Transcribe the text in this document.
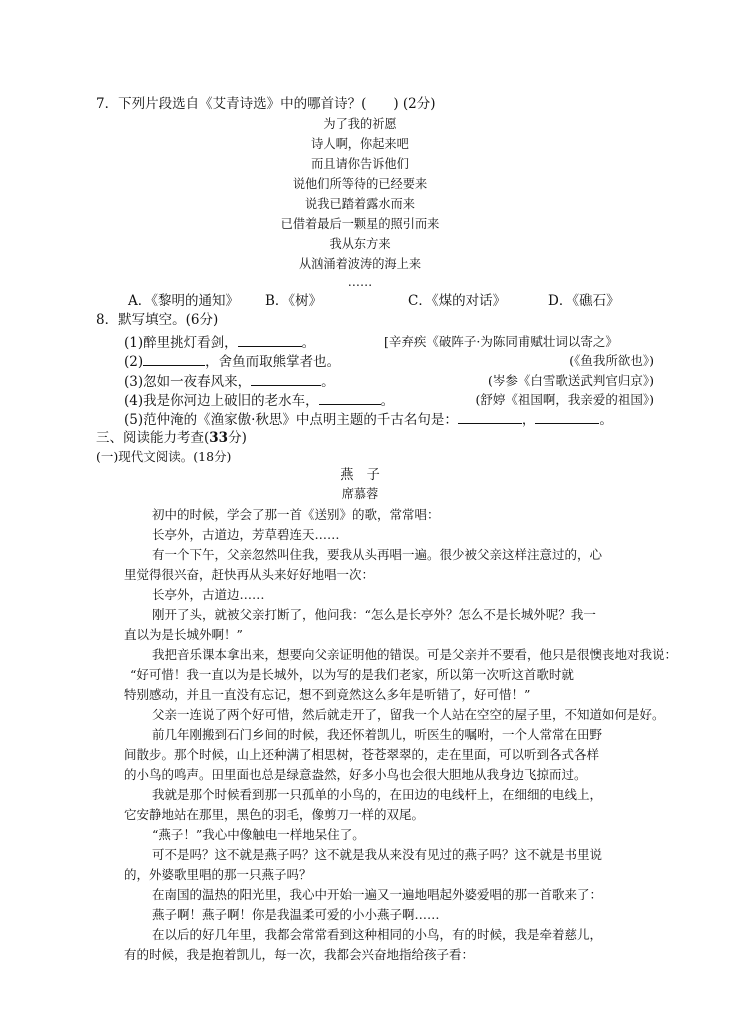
7．下列片段选自《艾青诗选》中的哪首诗？(　　) (2分)
为了我的祈愿
诗人啊，你起来吧
而且请你告诉他们
说他们所等待的已经要来
说我已踏着露水而来
已借着最后一颗星的照引而来
我从东方来
从汹涌着波涛的海上来
……
A．《黎明的通知》 B．《树》	C．《煤的对话》	D．《礁石》
8．默写填空。(6分)
(1)醉里挑灯看剑，	。	[辛弃疾《破阵子·为陈同甫赋壮词以寄之》
(2)	，舍鱼而取熊掌者也。	(《鱼我所欲也》)
(3)忽如一夜春风来，	。	(岑参《白雪歌送武判官归京》)
(4)我是你河边上破旧的老水车，	。	(舒婷《祖国啊，我亲爱的祖国》)
(5)范仲淹的《渔家傲·秋思》中点明主题的千古名句是：	，	。
三、阅读能力考查(33分)
(一)现代文阅读。(18分)
燕　子
席慕蓉
初中的时候，学会了那一首《送别》的歌，常常唱：
长亭外，古道边，芳草碧连天……
有一个下午，父亲忽然叫住我，要我从头再唱一遍。很少被父亲这样注意过的，心
里觉得很兴奋，赶快再从头来好好地唱一次：
长亭外，古道边……
刚开了头，就被父亲打断了，他问我：“怎么是长亭外？怎么不是长城外呢？我一
直以为是长城外啊！”
我把音乐课本拿出来，想要向父亲证明他的错误。可是父亲并不要看，他只是很懊丧地对我说：
“好可惜！我一直以为是长城外，以为写的是我们老家，所以第一次听这首歌时就
特别感动，并且一直没有忘记，想不到竟然这么多年是听错了，好可惜！”
父亲一连说了两个好可惜，然后就走开了，留我一个人站在空空的屋子里，不知道如何是好。
前几年刚搬到石门乡间的时候，我还怀着凯儿，听医生的嘱咐，一个人常常在田野
间散步。那个时候，山上还种满了相思树，苍苍翠翠的，走在里面，可以听到各式各样
的小鸟的鸣声。田里面也总是绿意盎然，好多小鸟也会很大胆地从我身边飞掠而过。
我就是那个时候看到那一只孤单的小鸟的，在田边的电线杆上，在细细的电线上，
它安静地站在那里，黑色的羽毛，像剪刀一样的双尾。
“燕子！”我心中像触电一样地呆住了。
可不是吗？这不就是燕子吗？这不就是我从来没有见过的燕子吗？这不就是书里说
的，外婆歌里唱的那一只燕子吗？
在南国的温热的阳光里，我心中开始一遍又一遍地唱起外婆爱唱的那一首歌来了：
燕子啊！燕子啊！你是我温柔可爱的小小燕子啊……
在以后的好几年里，我都会常常看到这种相同的小鸟，有的时候，我是牵着慈儿，
有的时候，我是抱着凯儿，每一次，我都会兴奋地指给孩子看：
